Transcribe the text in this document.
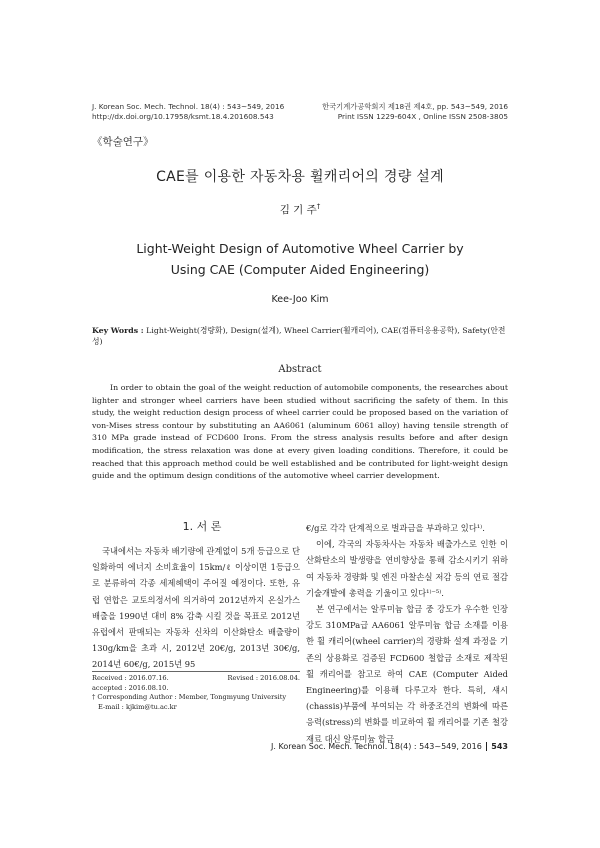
J. Korean Soc. Mech. Technol. 18(4) : 543~549, 2016
http://dx.doi.org/10.17958/ksmt.18.4.201608.543
한국기계가공학회지 제18권 제4호, pp. 543~549, 2016
Print ISSN 1229-604X , Online ISSN 2508-3805
《학술연구》
CAE를 이용한 자동차용 휠캐리어의 경량 설계
김 기 주†
Light-Weight Design of Automotive Wheel Carrier by
Using CAE (Computer Aided Engineering)
Kee-Joo Kim
Key Words : Light-Weight(경량화), Design(설계), Wheel Carrier(휠캐리어), CAE(컴퓨터응용공학), Safety(안전성)
Abstract
In order to obtain the goal of the weight reduction of automobile components, the researches about lighter and stronger wheel carriers have been studied without sacrificing the safety of them. In this study, the weight reduction design process of wheel carrier could be proposed based on the variation of von-Mises stress contour by substituting an AA6061 (aluminum 6061 alloy) having tensile strength of 310 MPa grade instead of FCD600 Irons. From the stress analysis results before and after design modification, the stress relaxation was done at every given loading conditions. Therefore, it could be reached that this approach method could be well established and be contributed for light-weight design guide and the optimum design conditions of the automotive wheel carrier development.
1. 서 론

국내에서는 자동차 배기량에 관계없이 5개 등급으로 단일화하여 에너지 소비효율이 15km/ℓ 이상이면 1등급으로 분류하여 각종 세제혜택이 주어질 예정이다. 또한, 유럽 연합은 교토의정서에 의거하여 2012년까지 온실가스 배출을 1990년 대비 8% 감축 시킬 것을 목표로 2012년 유럽에서 판매되는 자동차 신차의 이산화탄소 배출량이 130g/km을 초과 시, 2012년 20€/g, 2013년 30€/g, 2014년 60€/g, 2015년 95

€/g로 각각 단계적으로 벌과금을 부과하고 있다¹⁾.

이에, 각국의 자동차사는 자동차 배출가스로 인한 이산화탄소의 발생량을 연비향상을 통해 감소시키기 위하여 자동차 경량화 및 엔진 마찰손실 저감 등의 연료 절감 기술개발에 총력을 기울이고 있다¹⁾⁻⁵⁾.

본 연구에서는 알루미늄 합금 중 강도가 우수한 인장강도 310MPa급 AA6061 알루미늄 합금 소재를 이용한 휠 캐리어(wheel carrier)의 경량화 설계 과정을 기존의 상용화로 검증된 FCD600 철합금 소재로 제작된 휠 캐리어를 참고로 하여 CAE (Computer Aided Engineering)를 이용해 다루고자 한다. 특히, 섀시(chassis)부품에 부여되는 각 하중조건의 변화에 따른 응력(stress)의 변화를 비교하여 휠 캐리어를 기존 철강재료 대신 알루미늄 합금

Received : 2016.07.16.	Revised : 2016.08.04.
accepted : 2016.08.10.
† Corresponding Author : Member, Tongmyung University
E-mail : kjkim@tu.ac.kr
J. Korean Soc. Mech. Technol. 18(4) : 543~549, 2016 543
